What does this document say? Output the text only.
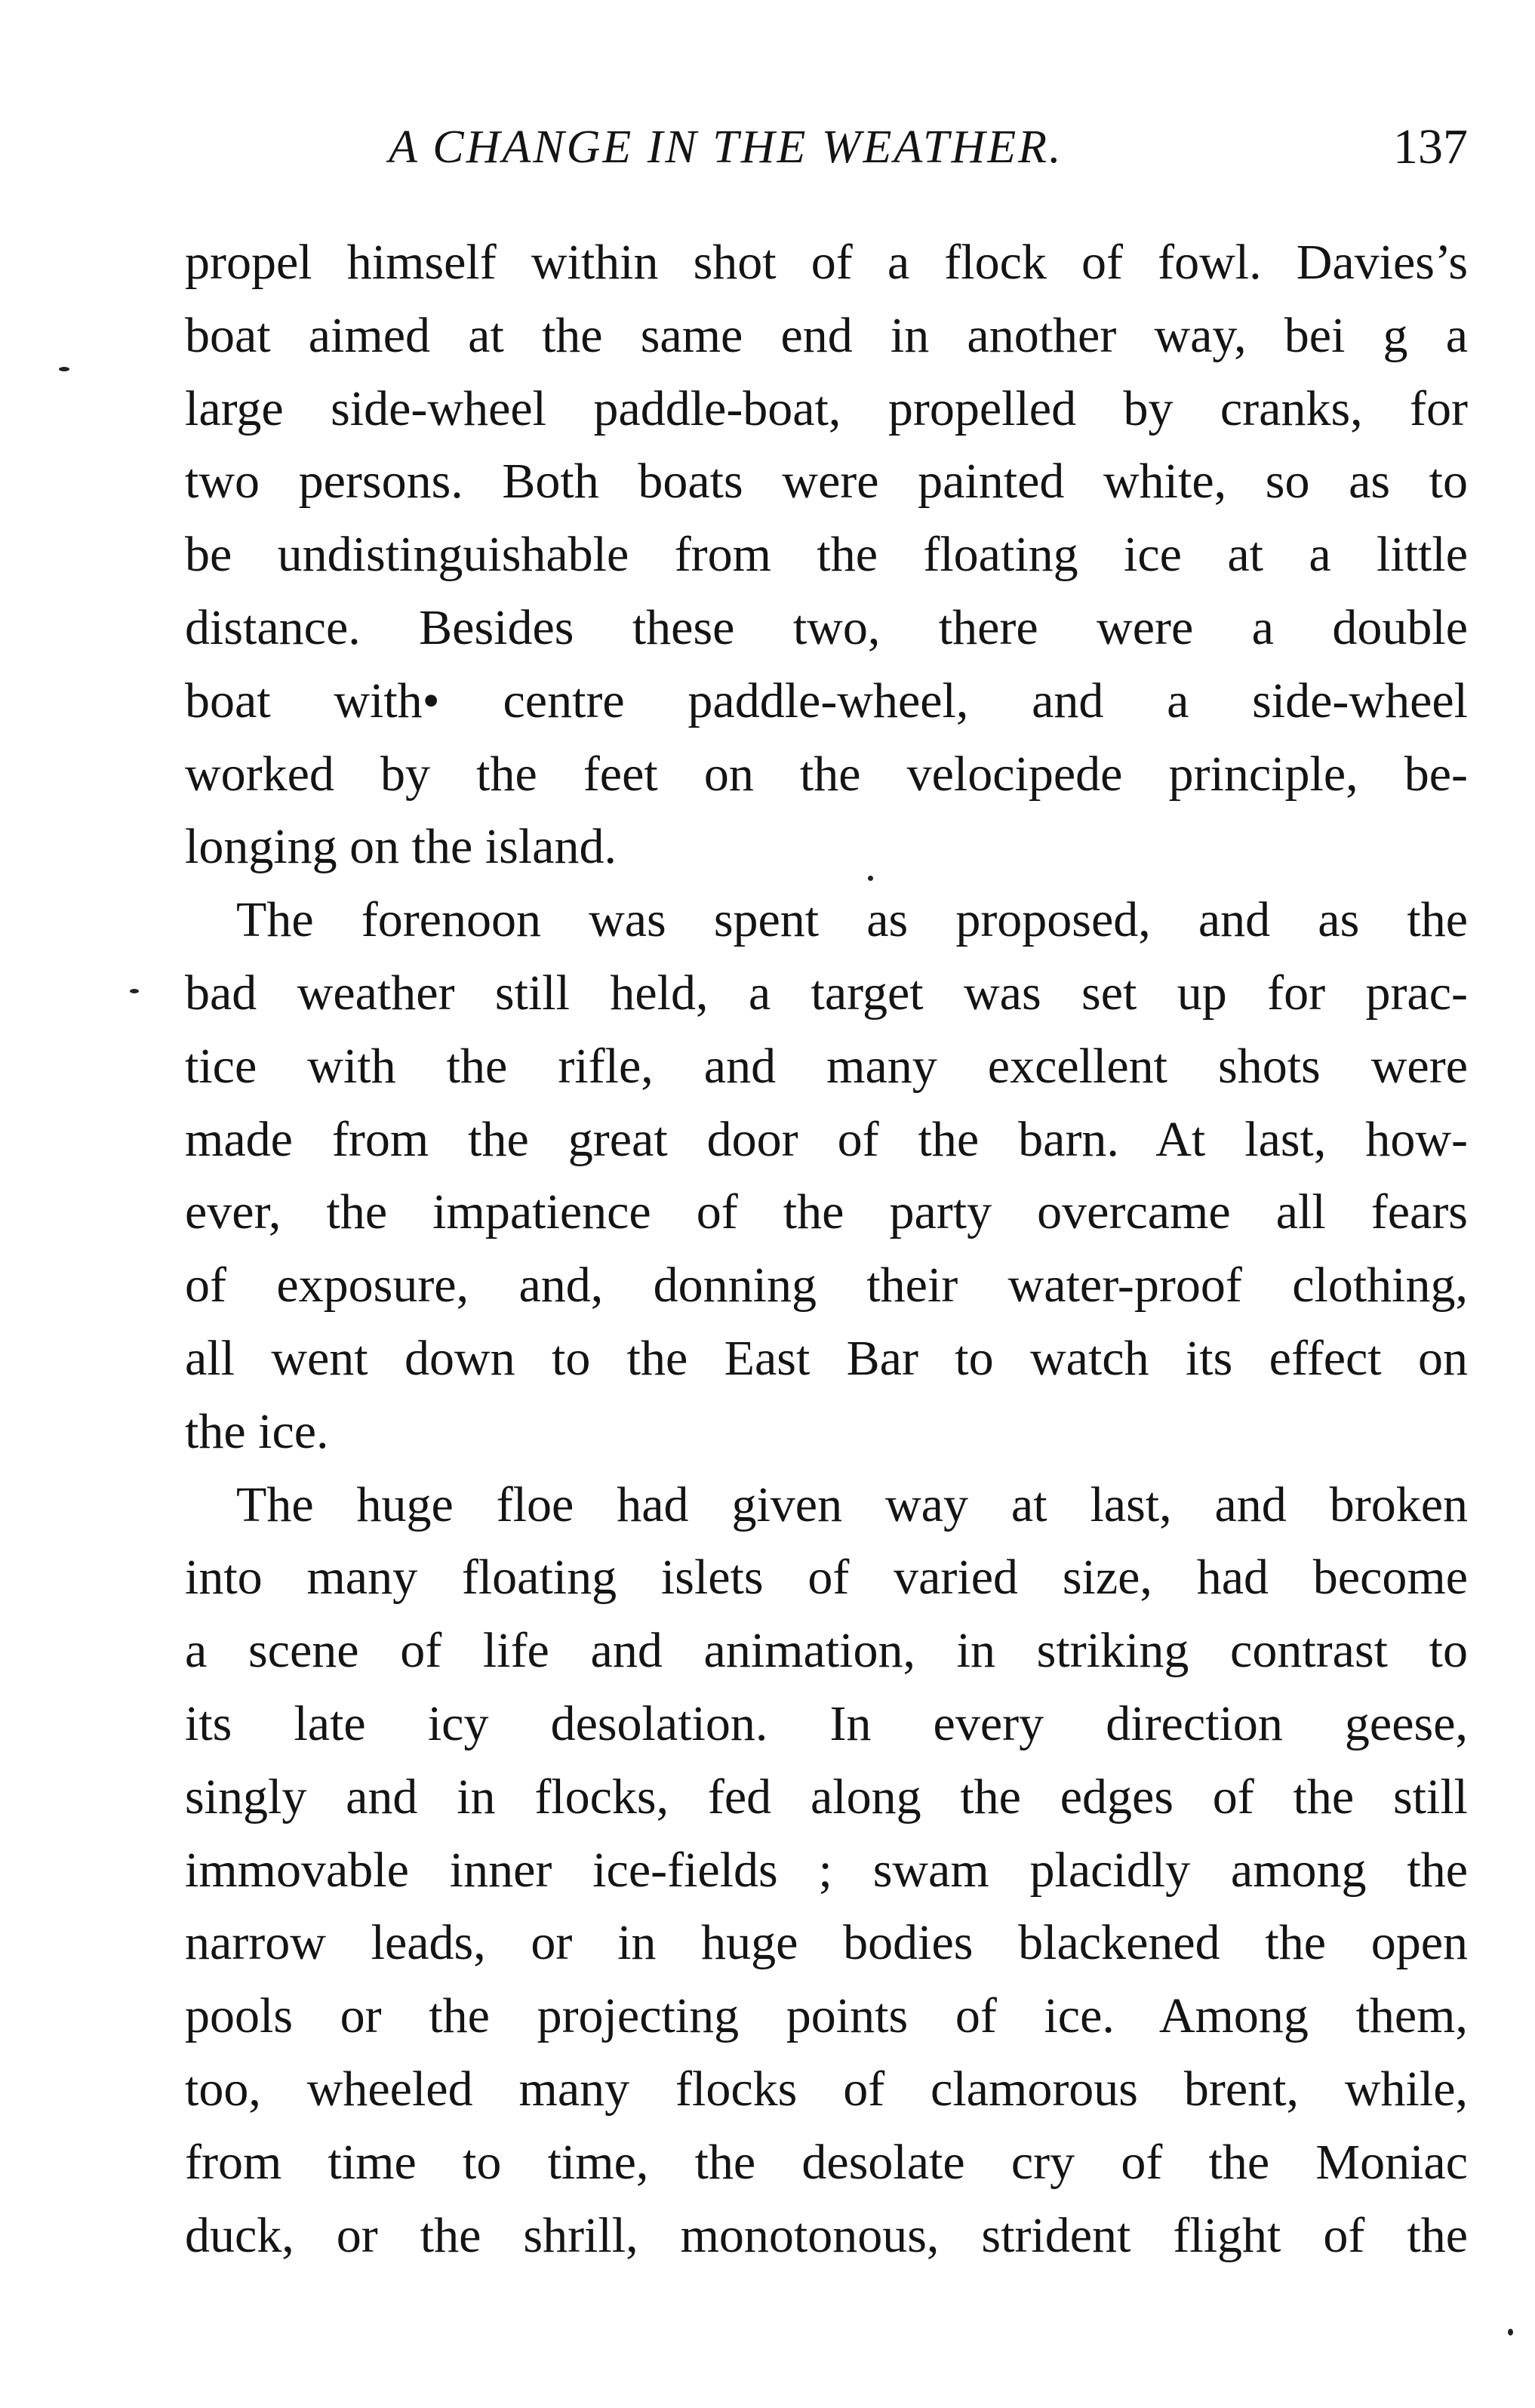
A CHANGE IN THE WEATHER.	137
propel himself within shot of a flock of fowl. Davies’s
boat aimed at the same end in another way, bei g a
large side-wheel paddle-boat, propelled by cranks, for
two persons. Both boats were painted white, so as to
be undistinguishable from the floating ice at a little
distance. Besides these two, there were a double
boat with• centre paddle-wheel, and a side-wheel
worked by the feet on the velocipede principle, be-
longing on the island.
The forenoon was spent as proposed, and as the
bad weather still held, a target was set up for prac-
tice with the rifle, and many excellent shots were
made from the great door of the barn. At last, how-
ever, the impatience of the party overcame all fears
of exposure, and, donning their water-proof clothing,
all went down to the East Bar to watch its effect on
the ice.
The huge floe had given way at last, and broken
into many floating islets of varied size, had become
a scene of life and animation, in striking contrast to
its late icy desolation. In every direction geese,
singly and in flocks, fed along the edges of the still
immovable inner ice-fields ; swam placidly among the
narrow leads, or in huge bodies blackened the open
pools or the projecting points of ice. Among them,
too, wheeled many flocks of clamorous brent, while,
from time to time, the desolate cry of the Moniac
duck, or the shrill, monotonous, strident flight of the
